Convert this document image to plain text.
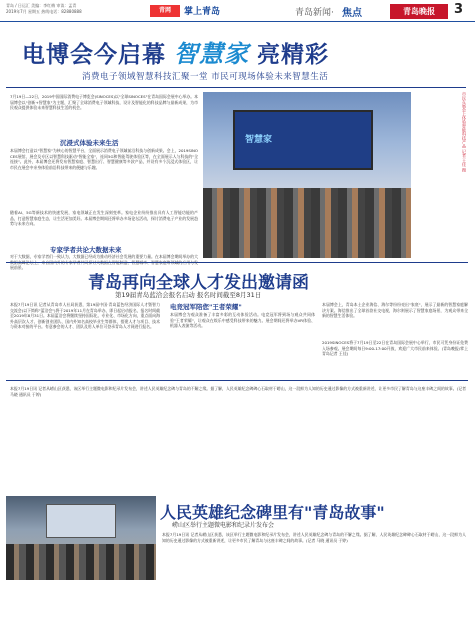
青岛 / 日运汇 美编：李红梅 审读：孟青
2019年7月 星期五 热线电话：82880888	青网	掌上青岛	青岛新闻· 焦点	青岛晚报	3
电博会今启幕 智慧家 亮精彩
消费电子领域智慧科技汇聚一堂 市民可现场体验未来智慧生活
7月19日—22日，2019中国国际消费电子博览会(SINOCES)以"全球SINOCES"在青岛国际会展中心举办。本届博会以"创新+智慧家"为主题，汇聚了全球消费电子领域科技，设计及智能化的科技品牌与最新成果，为市民观众提供体验未来智慧科技生活的机会。
沉浸式体验未来生活
本届博会打造以"智慧家"为核心的智慧平台，全面展示消费电子领域前沿科技与创新成果。会上，2019SINOCES展馆、展会及专区以智慧科技驱动"智能全家"，连同5G和智能驾驶体验区等，在全面展示人与科技的"全连接"。此外，本届博会还将发布智慧家庭、智慧出行、智慧健康等多款产品，并设有多个沉浸式体验区，让市民在展会中亲身体验前沿科技带来的便捷与乐趣。
随着AI、5G等新技术的快速发展，家电领域正在发生深刻变革。家电企业纷纷推出具有人工智能功能的产品，打造智慧家庭生态，让生活更加美好。本届博会期间还将举办多场论坛活动，探讨消费电子产业的发展趋势与未来方向。
专家学者共论大数据未来
对于大数据，专家学者们一致认为，大数据已经成为推动经济社会发展的重要力量。在本届博会期间举办的大 展前景。
智慧家	市民在展会上体验智能科技产品 记者 王佳 摄
青岛再向全球人才发出邀请函
第19届青岛蓝洽会报名启动 报名时间截至8月31日
本报7月19日讯 记者从青岛市人社局获悉，第19届中国·青岛蓝色经济国际人才暨智力交流会(以下简称"蓝洽会")将于2019年11月在青岛举办，即日起启动报名，报名时间截至2019年8月31日。本届蓝洽会将继续坚持国际化、专业化、市场化方向，重点面向海外高层次人才、创新创业团队、国内外知名高校毕业生等群体，搭建人才与项目、技术与资本对接的平台。有意参会的人才、团队及用人单位可登录青岛人才网进行报名。
电竞冠军陪您"王者荣耀"
本届博会为观众准备了丰富多彩的互动体验活动。电竞冠军将到场与观众共同体验"王者荣耀"，让观众在娱乐中感受科技带来的魅力。展会期间还将举办VR体验、机器人表演等活动。
本届博会上，青岛本土企业海信、海尔等纷纷亮出"家底"，展示了最新的智慧家庭解决方案。海信推出了全球首款社交电视，海尔则展示了智慧家庭场景，为观众带来全新的智慧生活体验。
2019SINOCES将于7月19日至22日在青岛国际会展中心举行，市民可凭身份证免费入场参观。展会期间每日9:00-17:00开放，欢迎广大市民前来体验。(青岛晚报/掌上青岛记者 王佳)
本报7月19日讯 记者从崂山区获悉，该区举行主题微电影和纪录片发布会，讲述人民英雄纪念碑与青岛的不解之缘。据了解，人民英雄纪念碑碑心石取材于崂山，这一段鲜为人知的历史通过影像的方式被重新讲述，让更多市民了解青岛与这座丰碑之间的故事。(记者 马晓 通讯员 于婷)
人民英雄纪念碑里有"青岛故事"
崂山区举行主题微电影和纪录片发布会
本报7月19日讯 记者从崂山区获悉，该区举行主题微电影和纪录片发布会，讲述人民英雄纪念碑与青岛的不解之缘。据了解，人民英雄纪念碑碑心石取材于崂山，这一段鲜为人知的历史通过影像的方式被重新讲述，让更多市民了解青岛与这座丰碑之间的故事。(记者 马晓 通讯员 于婷)
